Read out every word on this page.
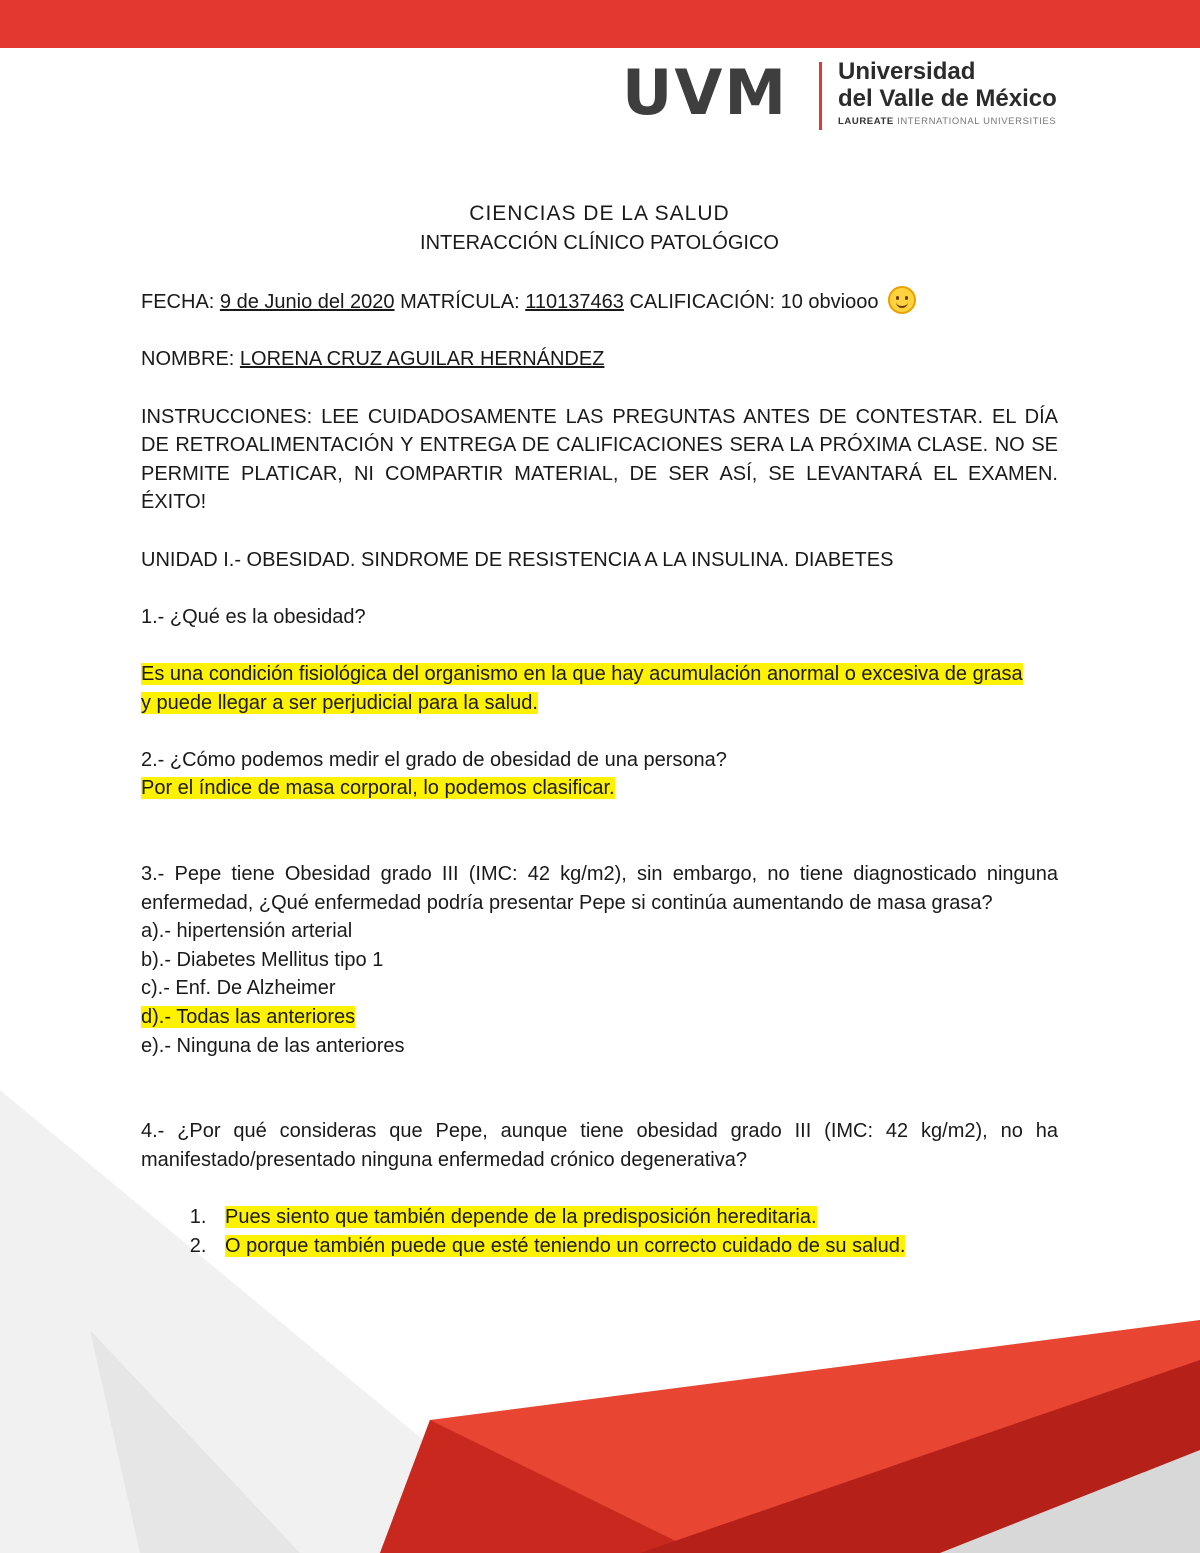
UVM Universidad
del Valle de México
LAUREATE INTERNATIONAL UNIVERSITIES

CIENCIAS DE LA SALUD

INTERACCIÓN CLÍNICO PATOLÓGICO

FECHA: 9 de Junio del 2020 MATRÍCULA: 110137463 CALIFICACIÓN: 10 obviooo

NOMBRE: LORENA CRUZ AGUILAR HERNÁNDEZ

INSTRUCCIONES: LEE CUIDADOSAMENTE LAS PREGUNTAS ANTES DE CONTESTAR. EL DÍA DE RETROALIMENTACIÓN Y ENTREGA DE CALIFICACIONES SERA LA PRÓXIMA CLASE. NO SE PERMITE PLATICAR, NI COMPARTIR MATERIAL, DE SER ASÍ, SE LEVANTARÁ EL EXAMEN. ÉXITO!

UNIDAD I.- OBESIDAD. SINDROME DE RESISTENCIA A LA INSULINA. DIABETES

1.- ¿Qué es la obesidad?

Es una condición fisiológica del organismo en la que hay acumulación anormal o excesiva de grasa

y puede llegar a ser perjudicial para la salud.

2.- ¿Cómo podemos medir el grado de obesidad de una persona?

Por el índice de masa corporal, lo podemos clasificar.

3.- Pepe tiene Obesidad grado III (IMC: 42 kg/m2), sin embargo, no tiene diagnosticado ninguna enfermedad, ¿Qué enfermedad podría presentar Pepe si continúa aumentando de masa grasa?

a).- hipertensión arterial

b).- Diabetes Mellitus tipo 1

c).- Enf. De Alzheimer

d).- Todas las anteriores

e).- Ninguna de las anteriores

4.- ¿Por qué consideras que Pepe, aunque tiene obesidad grado III (IMC: 42 kg/m2), no ha manifestado/presentado ninguna enfermedad crónico degenerativa?

1. Pues siento que también depende de la predisposición hereditaria.
2. O porque también puede que esté teniendo un correcto cuidado de su salud.
